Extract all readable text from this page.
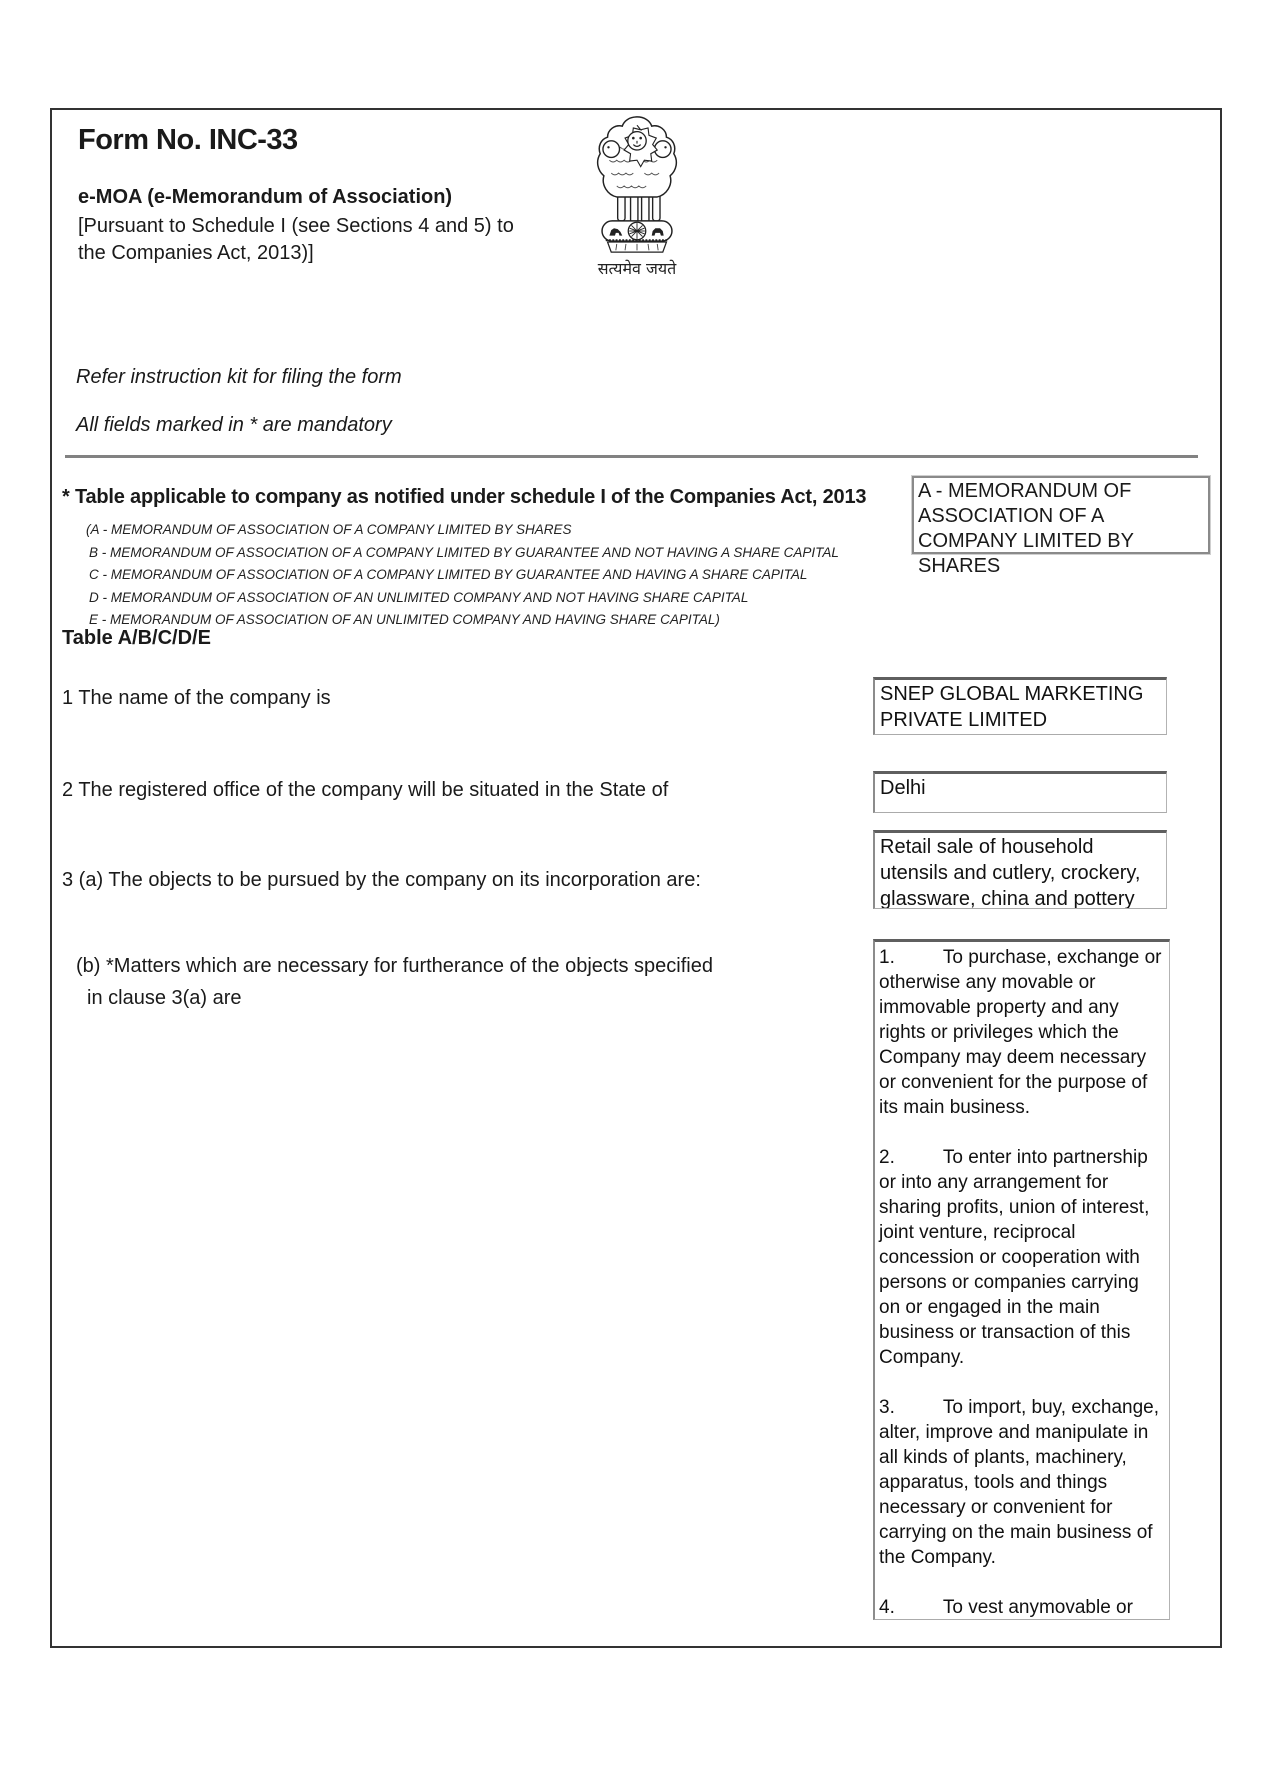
Form No. INC-33
e-MOA (e-Memorandum of Association)
[Pursuant to Schedule I (see Sections 4 and 5) to the Companies Act, 2013)]
सत्यमेव जयते
Refer instruction kit for filing the form
All fields marked in * are mandatory
* Table applicable to company as notified under schedule I of the Companies Act, 2013
(A - MEMORANDUM OF ASSOCIATION OF A COMPANY LIMITED BY SHARES
B - MEMORANDUM OF ASSOCIATION OF A COMPANY LIMITED BY GUARANTEE AND NOT HAVING A SHARE CAPITAL
C - MEMORANDUM OF ASSOCIATION OF A COMPANY LIMITED BY GUARANTEE AND HAVING A SHARE CAPITAL
D - MEMORANDUM OF ASSOCIATION OF AN UNLIMITED COMPANY AND NOT HAVING SHARE CAPITAL
E - MEMORANDUM OF ASSOCIATION OF AN UNLIMITED COMPANY AND HAVING SHARE CAPITAL)
A - MEMORANDUM OF ASSOCIATION OF A COMPANY LIMITED BY SHARES
Table A/B/C/D/E
1 The name of the company is	SNEP GLOBAL MARKETING PRIVATE LIMITED
2 The registered office of the company will be situated in the State of	Delhi
3 (a) The objects to be pursued by the company on its incorporation are:
Retail sale of household utensils and cutlery, crockery, glassware, china and pottery
(b) *Matters which are necessary for furtherance of the objects specified
in clause 3(a) are
1.	To purchase, exchange or otherwise any movable or immovable property and any rights or privileges which the Company may deem necessary or convenient for the purpose of its main business.
2.	To enter into partnership or into any arrangement for sharing profits, union of interest, joint venture, reciprocal concession or cooperation with persons or companies carrying on or engaged in the main business or transaction of this Company.
3.	To import, buy, exchange, alter, improve and manipulate in all kinds of plants, machinery, apparatus, tools and things necessary or convenient for carrying on the main business of the Company.
4.	To vest anymovable or
